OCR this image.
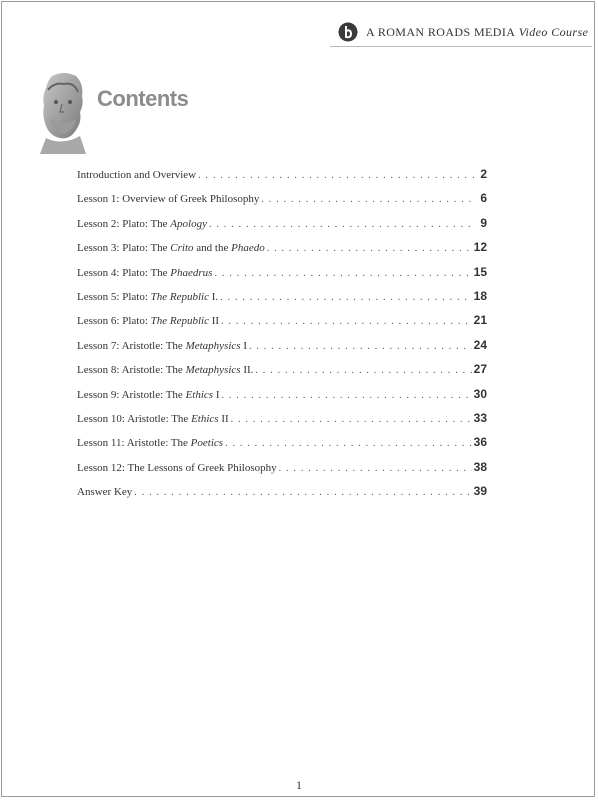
A ROMAN ROADS MEDIA Video Course
Contents
Introduction and Overview . . .	2
Lesson 1: Overview of Greek Philosophy . . .	6
Lesson 2: Plato: The Apology . . .	9
Lesson 3: Plato: The Crito and the Phaedo . . .	12
Lesson 4: Plato: The Phaedrus . . .	15
Lesson 5: Plato: The Republic I. . . .	18
Lesson 6: Plato: The Republic II . . .	21
Lesson 7: Aristotle: The Metaphysics I . . .	24
Lesson 8: Aristotle: The Metaphysics II. . . .	27
Lesson 9: Aristotle: The Ethics I . . .	30
Lesson 10: Aristotle: The Ethics II . . .	33
Lesson 11: Aristotle: The Poetics . . .	36
Lesson 12: The Lessons of Greek Philosophy . . .	38
Answer Key . . .	39
1
